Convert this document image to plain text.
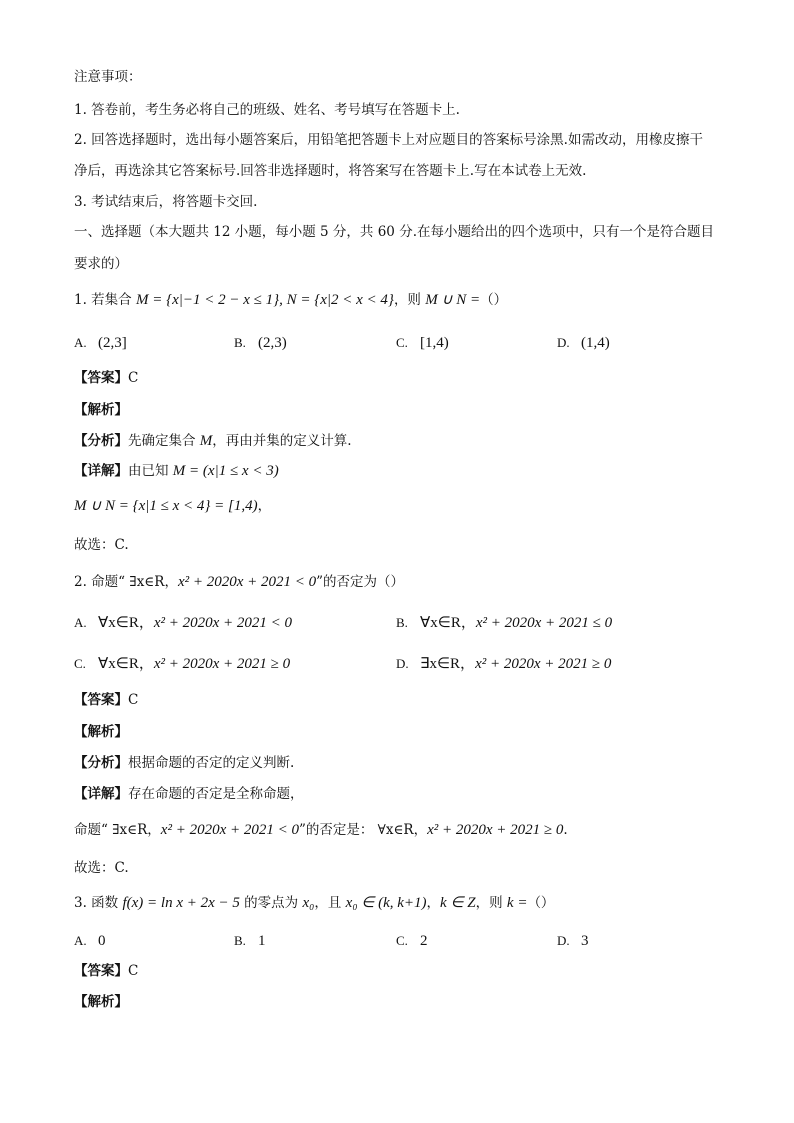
注意事项：
1. 答卷前，考生务必将自己的班级、姓名、考号填写在答题卡上.
2. 回答选择题时，选出每小题答案后，用铅笔把答题卡上对应题目的答案标号涂黑.如需改动，用橡皮擦干
净后，再选涂其它答案标号.回答非选择题时，将答案写在答题卡上.写在本试卷上无效.
3. 考试结束后，将答题卡交回.
一、选择题（本大题共 12 小题，每小题 5 分，共 60 分.在每小题给出的四个选项中，只有一个是符合题目
要求的）
1. 若集合 M = {x|−1 < 2 − x ≤ 1}, N = {x|2 < x < 4}，则 M ∪ N =（）
A. (2,3]	B. (2,3)	C. [1,4)	D. (1,4)
【答案】C
【解析】
【分析】先确定集合 M，再由并集的定义计算.
【详解】由已知 M = (x|1 ≤ x < 3)
M ∪ N = {x|1 ≤ x < 4} = [1,4)，
故选：C.
2. 命题“ ∃x∈R，x² + 2020x + 2021 < 0”的否定为（）
A. ∀x∈R，x² + 2020x + 2021 < 0	B. ∀x∈R，x² + 2020x + 2021 ≤ 0
C. ∀x∈R，x² + 2020x + 2021 ≥ 0	D. ∃x∈R，x² + 2020x + 2021 ≥ 0
【答案】C
【解析】
【分析】根据命题的否定的定义判断.
【详解】存在命题的否定是全称命题，
命题“ ∃x∈R，x² + 2020x + 2021 < 0”的否定是： ∀x∈R，x² + 2020x + 2021 ≥ 0.
故选：C.
3. 函数 f(x) = ln x + 2x − 5 的零点为 x₀，且 x₀ ∈ (k, k+1)，k ∈ Z，则 k =（）
A. 0	B. 1	C. 2	D. 3
【答案】C
【解析】
